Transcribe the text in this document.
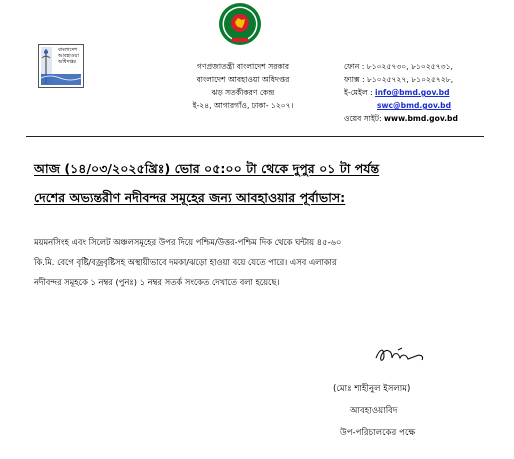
বাংলাদেশ
আবহাওয়া
অধিদপ্তর	গণপ্রজাতন্ত্রী বাংলাদেশ সরকার
বাংলাদেশ আবহাওয়া অধিদপ্তর
ঝড় সতর্কীকরণ কেন্দ্র
ই-২৪, আগারগাঁও, ঢাকা- ১২০৭।
ফোন : ৮১০২৫৭৩০, ৮১০২৫৭৩১,
ফ্যাক্স : ৮১০২৫৭২৭, ৮১০২৫৭২৮,
ই-মেইল : info@bmd.gov.bd
swc@bmd.gov.bd
ওয়েব সাইট: www.bmd.gov.bd
আজ (১৪/০৩/২০২৫খ্রিঃ) ভোর ০৫:০০ টা থেকে দুপুর ০১ টা পর্যন্ত
দেশের অভ্যন্তরীণ নদীবন্দর সমূহের জন্য আবহাওয়ার পূর্বাভাস:
ময়মনসিংহ এবং সিলেট অঞ্চলসমূহের উপর দিয়ে পশ্চিম/উত্তর-পশ্চিম দিক থেকে ঘন্টায় ৪৫-৬০
কি.মি. বেগে বৃষ্টি/বজ্রবৃষ্টিসহ অস্থায়ীভাবে দমকা/ঝড়ো হাওয়া বয়ে যেতে পারে। এসব এলাকার
নদীবন্দর সমূহকে ১ নম্বর (পুনঃ) ১ নম্বর সতর্ক সংকেত দেখাতে বলা হয়েছে।
(মোঃ শাহীনুল ইসলাম)
আবহাওয়াবিদ
উপ-পরিচালকের পক্ষে
